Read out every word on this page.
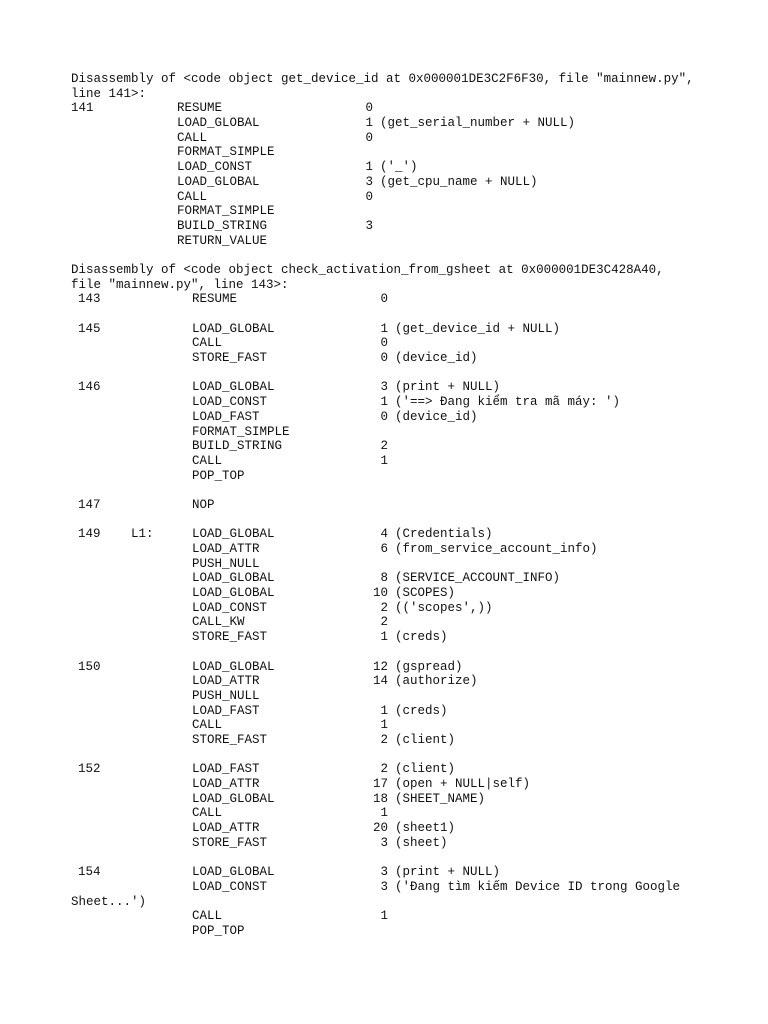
Disassembly of <code object get_device_id at 0x000001DE3C2F6F30, file "mainnew.py",
line 141>:
141	RESUME	0
LOAD_GLOBAL	1 (get_serial_number + NULL)
CALL	0
FORMAT_SIMPLE
LOAD_CONST	1 ('_')
LOAD_GLOBAL	3 (get_cpu_name + NULL)
CALL	0
FORMAT_SIMPLE
BUILD_STRING	3
RETURN_VALUE
Disassembly of <code object check_activation_from_gsheet at 0x000001DE3C428A40,
file "mainnew.py", line 143>:
143	RESUME	0
145	LOAD_GLOBAL	1 (get_device_id + NULL)
CALL	0
STORE_FAST	0 (device_id)
146	LOAD_GLOBAL	3 (print + NULL)
LOAD_CONST	1 ('==> Đang kiểm tra mã máy: ')
LOAD_FAST	0 (device_id)
FORMAT_SIMPLE
BUILD_STRING	2
CALL	1
POP_TOP
147	NOP
149 L1:	LOAD_GLOBAL	4 (Credentials)
LOAD_ATTR	6 (from_service_account_info)
PUSH_NULL
LOAD_GLOBAL	8 (SERVICE_ACCOUNT_INFO)
LOAD_GLOBAL	10 (SCOPES)
LOAD_CONST	2 (('scopes',))
CALL_KW	2
STORE_FAST	1 (creds)
150	LOAD_GLOBAL	12 (gspread)
LOAD_ATTR	14 (authorize)
PUSH_NULL
LOAD_FAST	1 (creds)
CALL	1
STORE_FAST	2 (client)
152	LOAD_FAST	2 (client)
LOAD_ATTR	17 (open + NULL|self)
LOAD_GLOBAL	18 (SHEET_NAME)
CALL	1
LOAD_ATTR	20 (sheet1)
STORE_FAST	3 (sheet)
154	LOAD_GLOBAL	3 (print + NULL)
LOAD_CONST	3 ('Đang tìm kiếm Device ID trong Google
Sheet...')
CALL	1
POP_TOP
